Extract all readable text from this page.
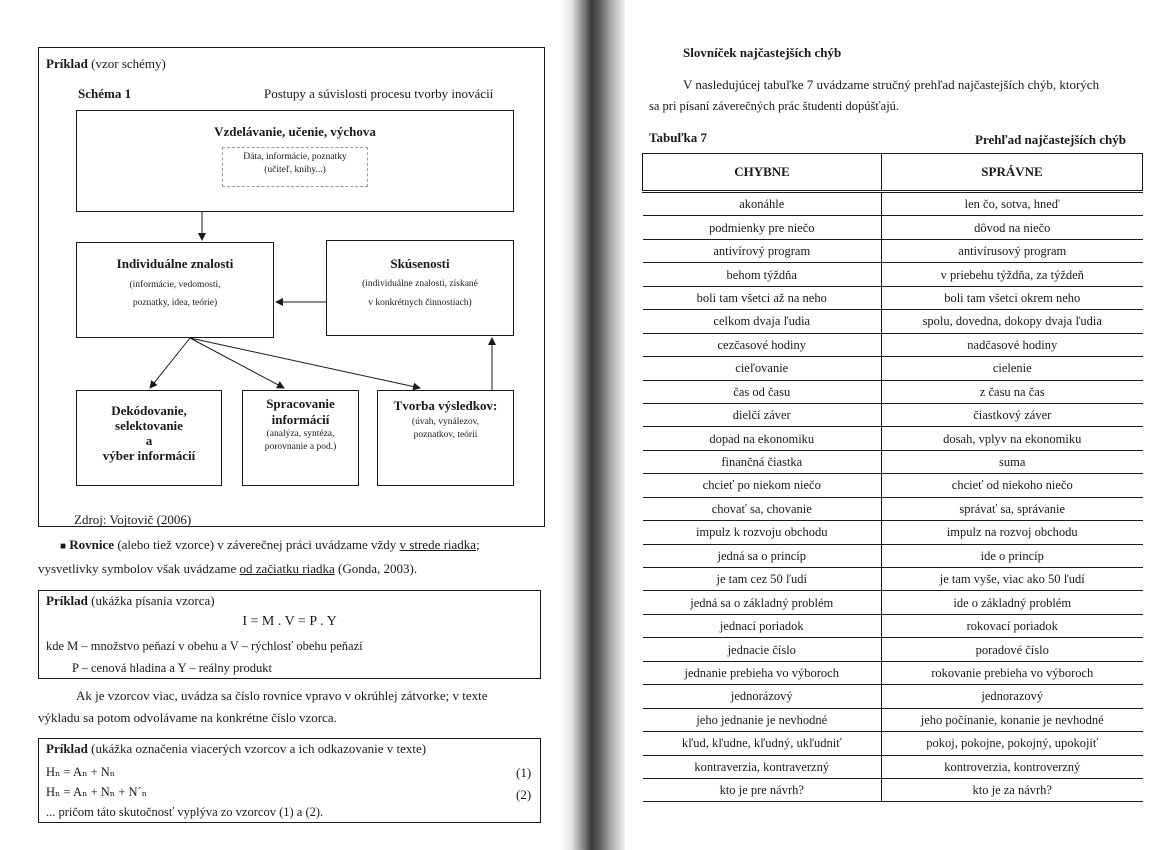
Príklad (vzor schémy)
Schéma 1	Postupy a súvislosti procesu tvorby inovácií
Vzdelávanie, učenie, výchova
Dáta, informácie, poznatky
(učiteľ, knihy...)
Individuálne znalosti
(informácie, vedomosti,
poznatky, idea, teórie)
Skúsenosti
(individuálne znalosti, získané
v konkrétnych činnostiach)
Dekódovanie,
selektovanie
a
výber informácií
Spracovanie
informácií
(analýza, syntéza,
porovnanie a pod.)
Tvorba výsledkov:
(úvah, vynálezov,
poznatkov, teórií
Zdroj: Vojtovič (2006)
■ Rovnice (alebo tiež vzorce) v záverečnej práci uvádzame vždy v strede riadka;
vysvetlivky symbolov však uvádzame od začiatku riadka (Gonda, 2003).
Príklad (ukážka písania vzorca)
I = M . V = P . Y
kde M – množstvo peňazí v obehu a V – rýchlosť obehu peňazí
P – cenová hladina a Y – reálny produkt
Ak je vzorcov viac, uvádza sa číslo rovnice vpravo v okrúhlej zátvorke; v texte
výkladu sa potom odvolávame na konkrétne číslo vzorca.
Príklad (ukážka označenia viacerých vzorcov a ich odkazovanie v texte)
Hₙ = Aₙ + Nₙ	(1)
Hₙ = Aₙ + Nₙ + N´ₙ	(2)
... pričom táto skutočnosť vyplýva zo vzorcov (1) a (2).
Slovníček najčastejších chýb
V nasledujúcej tabuľke 7 uvádzame stručný prehľad najčastejších chýb, ktorých
sa pri písaní záverečných prác študenti dopúšťajú.
Tabuľka 7	Prehľad najčastejších chýb
CHYBNE	SPRÁVNE
akonáhle	len čo, sotva, hneď
podmienky pre niečo	dôvod na niečo
antivírový program	antivírusový program
behom týždňa	v priebehu týždňa, za týždeň
boli tam všetci až na neho	boli tam všetci okrem neho
celkom dvaja ľudia	spolu, dovedna, dokopy dvaja ľudia
cezčasové hodiny	nadčasové hodiny
cieľovanie	cielenie
čas od času	z času na čas
dielčí záver	čiastkový záver
dopad na ekonomiku	dosah, vplyv na ekonomiku
finančná čiastka	suma
chcieť po niekom niečo	chcieť od niekoho niečo
chovať sa, chovanie	správať sa, správanie
impulz k rozvoju obchodu	impulz na rozvoj obchodu
jedná sa o princíp	ide o princíp
je tam cez 50 ľudí	je tam vyše, viac ako 50 ľudí
jedná sa o základný problém	ide o základný problém
jednací poriadok	rokovací poriadok
jednacie číslo	poradové číslo
jednanie prebieha vo výboroch	rokovanie prebieha vo výboroch
jednorázový	jednorazový
jeho jednanie je nevhodné	jeho počínanie, konanie je nevhodné
kľud, kľudne, kľudný, ukľudniť	pokoj, pokojne, pokojný, upokojiť
kontraverzia, kontraverzný	kontroverzia, kontroverzný
kto je pre návrh?	kto je za návrh?
